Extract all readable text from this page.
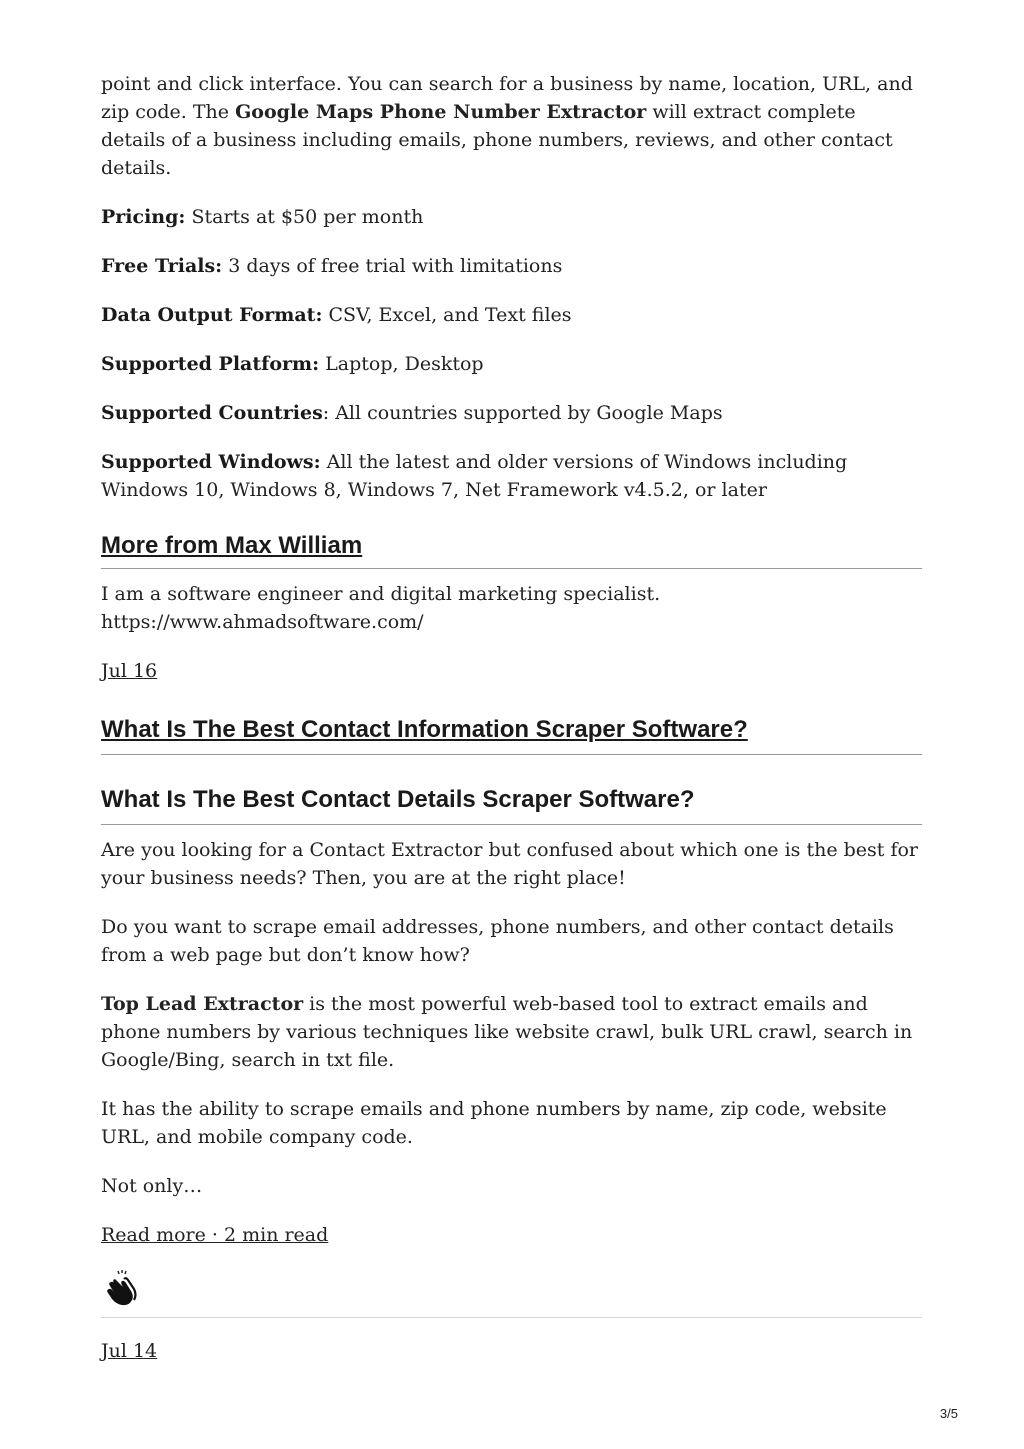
point and click interface. You can search for a business by name, location, URL, and zip code. The Google Maps Phone Number Extractor will extract complete details of a business including emails, phone numbers, reviews, and other contact details.

Pricing: Starts at $50 per month

Free Trials: 3 days of free trial with limitations

Data Output Format: CSV, Excel, and Text files

Supported Platform: Laptop, Desktop

Supported Countries: All countries supported by Google Maps

Supported Windows: All the latest and older versions of Windows including Windows 10, Windows 8, Windows 7, Net Framework v4.5.2, or later

More from Max William

I am a software engineer and digital marketing specialist.
https://www.ahmadsoftware.com/

Jul 16
What Is The Best Contact Information Scraper Software?
What Is The Best Contact Details Scraper Software?

Are you looking for a Contact Extractor but confused about which one is the best for your business needs? Then, you are at the right place!

Do you want to scrape email addresses, phone numbers, and other contact details from a web page but don’t know how?

Top Lead Extractor is the most powerful web-based tool to extract emails and phone numbers by various techniques like website crawl, bulk URL crawl, search in Google/Bing, search in txt file.

It has the ability to scrape emails and phone numbers by name, zip code, website URL, and mobile company code.

Not only…

Read more · 2 min read
Jul 14
3/5
